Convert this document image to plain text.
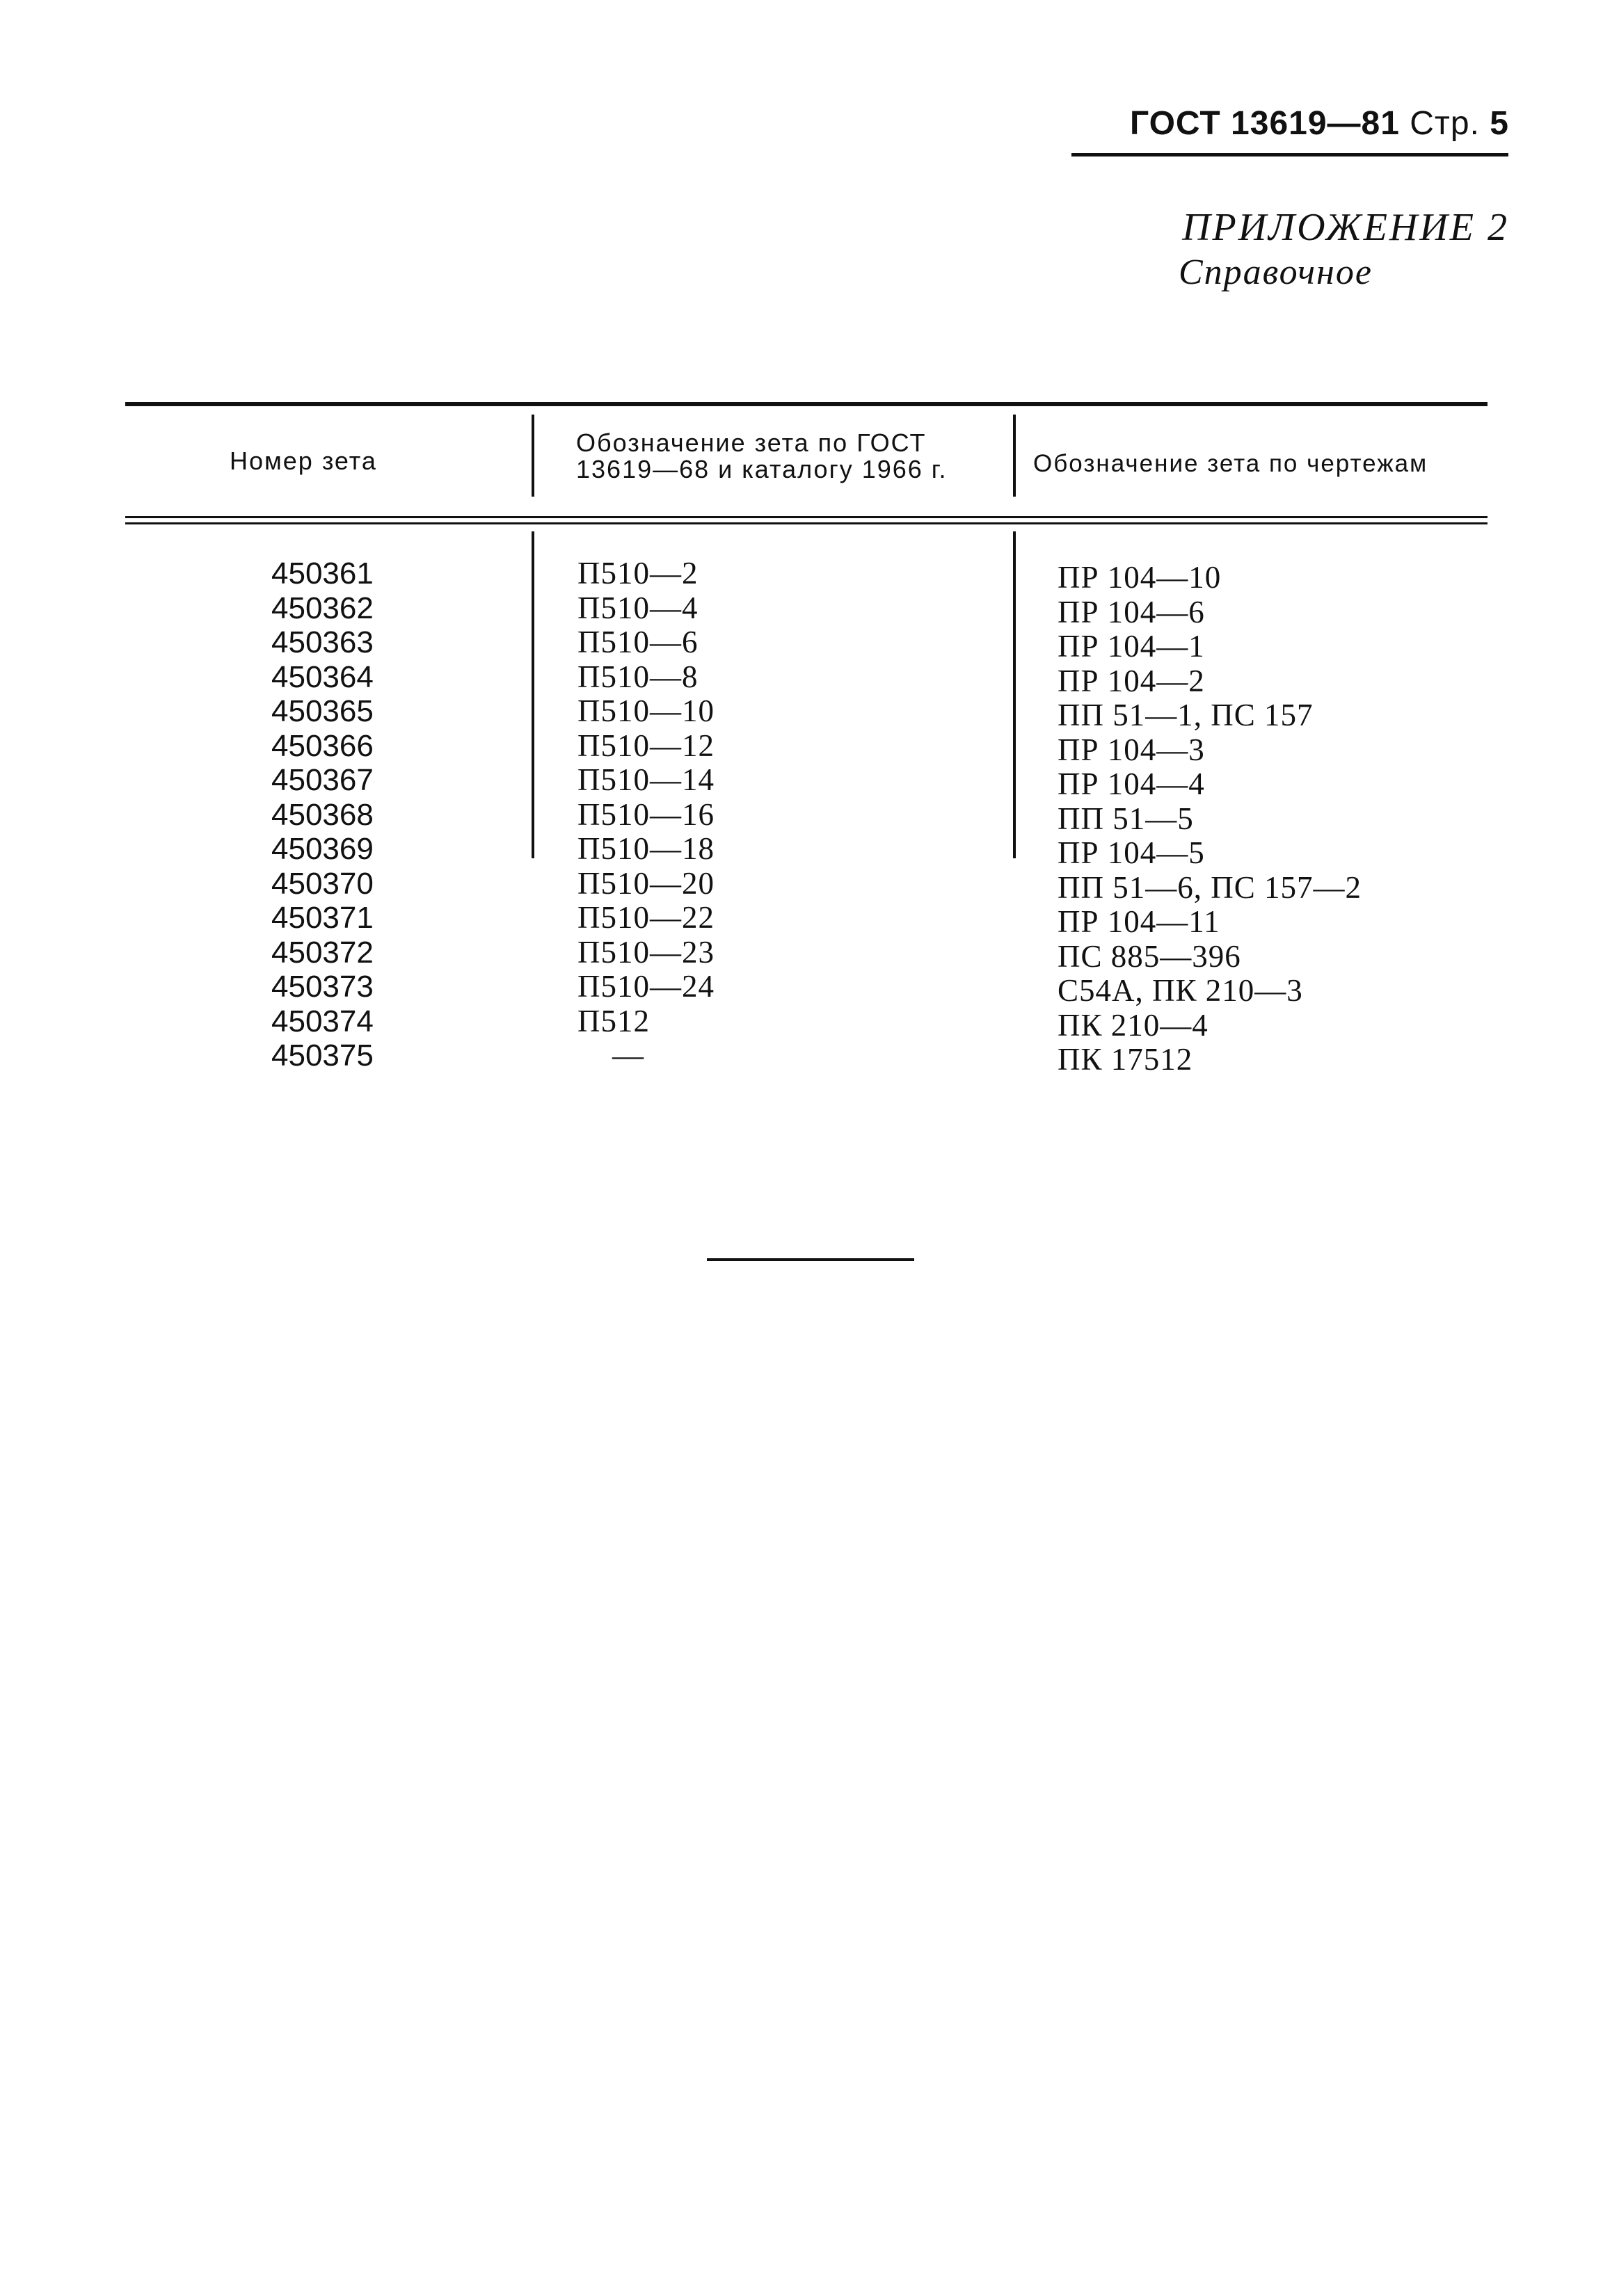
ГОСТ 13619—81 Стр. 5
ПРИЛОЖЕНИЕ 2
Справочное
Номер зета
Обозначение зета по ГОСТ
13619—68 и каталогу 1966 г.	Обозначение зета по чертежам
450361
450362
450363
450364
450365
450366
450367
450368
450369
450370
450371
450372
450373
450374
450375
П510—2
П510—4
П510—6
П510—8
П510—10
П510—12
П510—14
П510—16
П510—18
П510—20
П510—22
П510—23
П510—24
П512
—
ПР 104—10
ПР 104—6
ПР 104—1
ПР 104—2
ПП 51—1, ПС 157
ПР 104—3
ПР 104—4
ПП 51—5
ПР 104—5
ПП 51—6, ПС 157—2
ПР 104—11
ПС 885—396
С54А, ПК 210—3
ПК 210—4
ПК 17512
